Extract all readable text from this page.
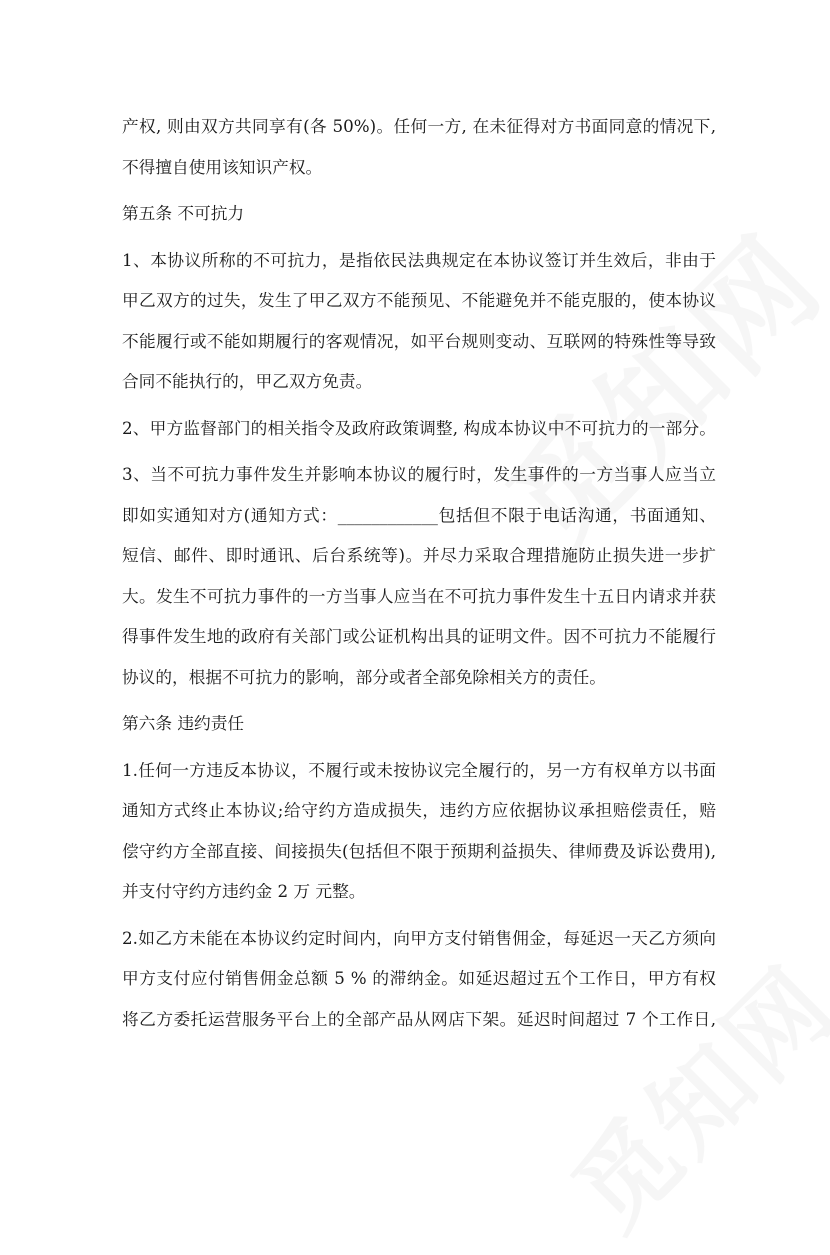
产权, 则由双方共同享有(各 50%)。任何一方, 在未征得对方书面同意的情况下,
不得擅自使用该知识产权。
第五条 不可抗力
1、本协议所称的不可抗力，是指依民法典规定在本协议签订并生效后，非由于
甲乙双方的过失，发生了甲乙双方不能预见、不能避免并不能克服的，使本协议
不能履行或不能如期履行的客观情况，如平台规则变动、互联网的特殊性等导致
合同不能执行的，甲乙双方免责。
2、甲方监督部门的相关指令及政府政策调整, 构成本协议中不可抗力的一部分。
3、当不可抗力事件发生并影响本协议的履行时，发生事件的一方当事人应当立
即如实通知对方(通知方式：____________包括但不限于电话沟通，书面通知、
短信、邮件、即时通讯、后台系统等)。并尽力采取合理措施防止损失进一步扩
大。发生不可抗力事件的一方当事人应当在不可抗力事件发生十五日内请求并获
得事件发生地的政府有关部门或公证机构出具的证明文件。因不可抗力不能履行
协议的，根据不可抗力的影响，部分或者全部免除相关方的责任。
第六条 违约责任
1.任何一方违反本协议，不履行或未按协议完全履行的，另一方有权单方以书面
通知方式终止本协议;给守约方造成损失，违约方应依据协议承担赔偿责任，赔
偿守约方全部直接、间接损失(包括但不限于预期利益损失、律师费及诉讼费用),
并支付守约方违约金 2 万 元整。
2.如乙方未能在本协议约定时间内，向甲方支付销售佣金，每延迟一天乙方须向
甲方支付应付销售佣金总额 5 % 的滞纳金。如延迟超过五个工作日，甲方有权
将乙方委托运营服务平台上的全部产品从网店下架。延迟时间超过 7 个工作日,
